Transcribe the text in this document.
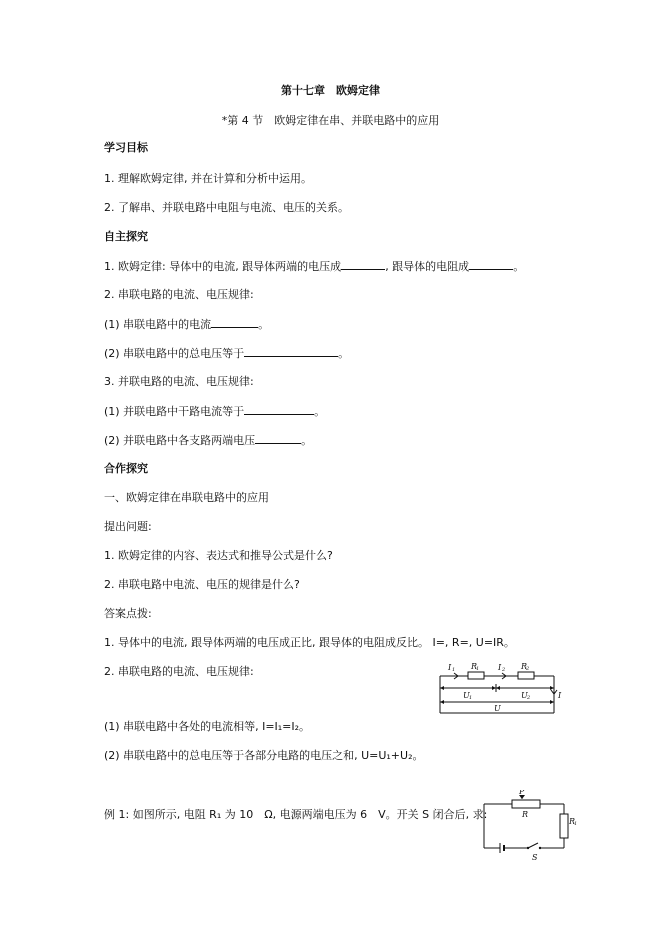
第十七章　欧姆定律
*第 4 节　欧姆定律在串、并联电路中的应用
学习目标
1. 理解欧姆定律, 并在计算和分析中运用。
2. 了解串、并联电路中电阻与电流、电压的关系。
自主探究
1. 欧姆定律: 导体中的电流, 跟导体两端的电压成	, 跟导体的电阻成	。
2. 串联电路的电流、电压规律:
(1) 串联电路中的电流	。
(2) 串联电路中的总电压等于	。
3. 并联电路的电流、电压规律:
(1) 并联电路中干路电流等于	。
(2) 并联电路中各支路两端电压	。
合作探究
一、欧姆定律在串联电路中的应用
提出问题:
1. 欧姆定律的内容、表达式和推导公式是什么?
2. 串联电路中电流、电压的规律是什么?
答案点拨:
1. 导体中的电流, 跟导体两端的电压成正比, 跟导体的电阻成反比。 I=, R=, U=IR。
2. 串联电路的电流、电压规律:
(1) 串联电路中各处的电流相等, I=I₁=I₂。
(2) 串联电路中的总电压等于各部分电路的电压之和, U=U₁+U₂。
例 1: 如图所示, 电阻 R₁ 为 10　Ω, 电源两端电压为 6　V。开关 S 闭合后, 求:
I 1 R
1 I 2 R
2
U 1	U 2
U
I
P
R
R
1
S
